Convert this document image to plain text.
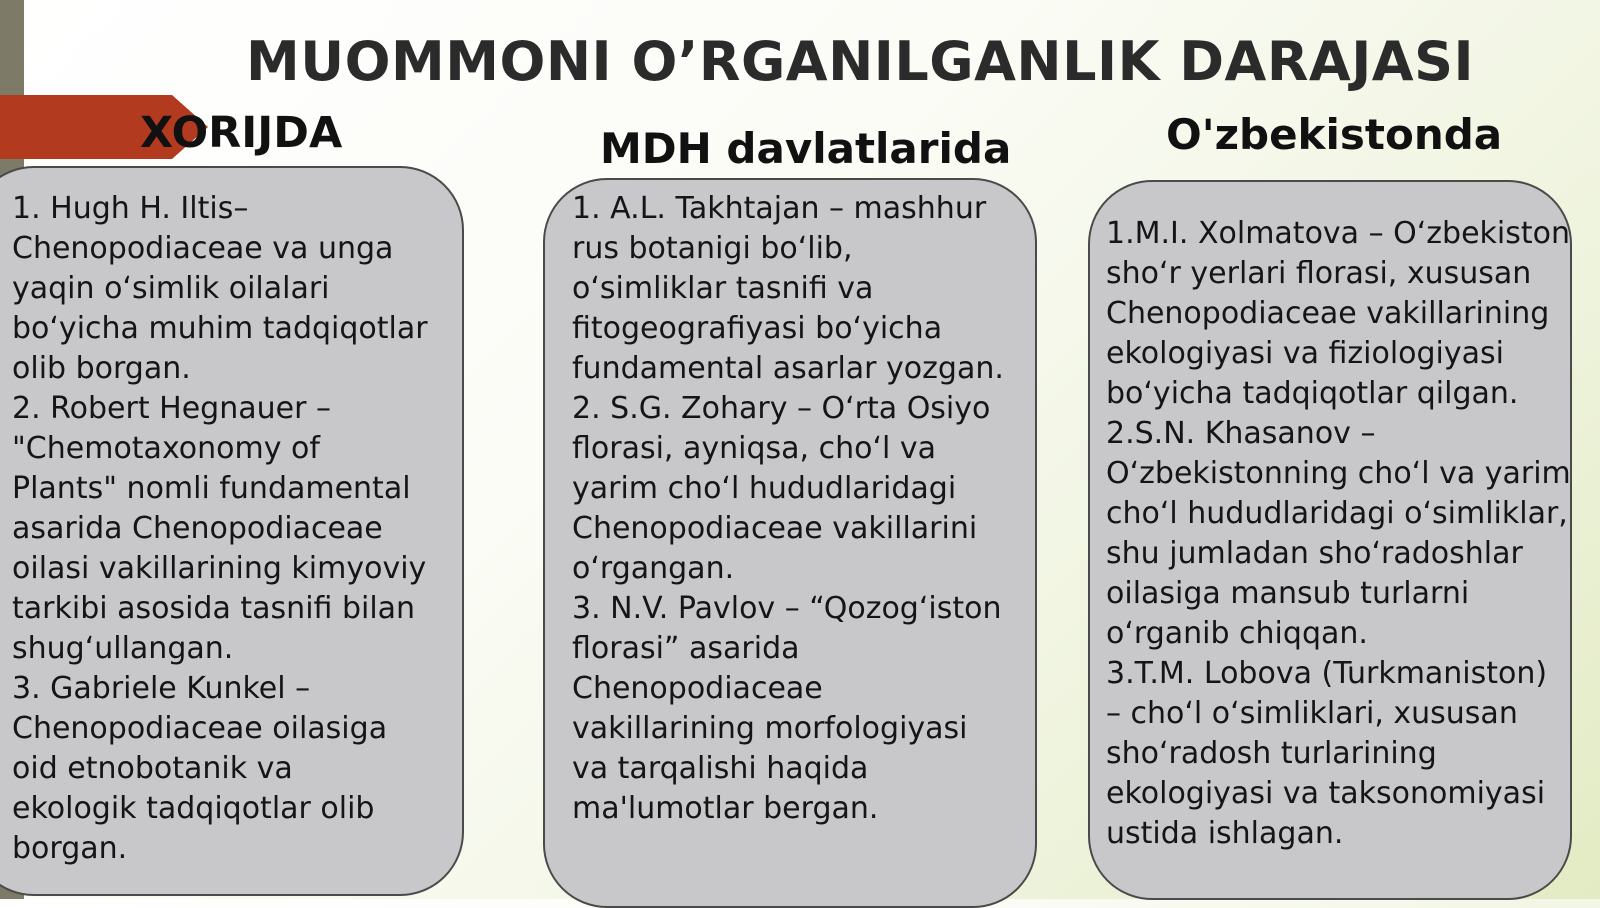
MUOMMONI O’RGANILGANLIK DARAJASI
XORIJDA	MDH davlatlarida	O'zbekistonda

1. Hugh H. Iltis–
Chenopodiaceae va unga
yaqin o‘simlik oilalari
bo‘yicha muhim tadqiqotlar
olib borgan.
2. Robert Hegnauer –
"Chemotaxonomy of
Plants" nomli fundamental
asarida Chenopodiaceae
oilasi vakillarining kimyoviy
tarkibi asosida tasnifi bilan
shug‘ullangan.
3. Gabriele Kunkel –
Chenopodiaceae oilasiga
oid etnobotanik va
ekologik tadqiqotlar olib
borgan.

1. A.L. Takhtajan – mashhur
rus botanigi bo‘lib,
o‘simliklar tasnifi va
fitogeografiyasi bo‘yicha
fundamental asarlar yozgan.
2. S.G. Zohary – O‘rta Osiyo
florasi, ayniqsa, cho‘l va
yarim cho‘l hududlaridagi
Chenopodiaceae vakillarini
o‘rgangan.
3. N.V. Pavlov – “Qozog‘iston
florasi” asarida
Chenopodiaceae
vakillarining morfologiyasi
va tarqalishi haqida
ma'lumotlar bergan.

1.M.I. Xolmatova – O‘zbekiston
sho‘r yerlari florasi, xususan
Chenopodiaceae vakillarining
ekologiyasi va fiziologiyasi
bo‘yicha tadqiqotlar qilgan.
2.S.N. Khasanov –
O‘zbekistonning cho‘l va yarim
cho‘l hududlaridagi o‘simliklar,
shu jumladan sho‘radoshlar
oilasiga mansub turlarni
o‘rganib chiqqan.
3.T.M. Lobova (Turkmaniston)
– cho‘l o‘simliklari, xususan
sho‘radosh turlarining
ekologiyasi va taksonomiyasi
ustida ishlagan.
